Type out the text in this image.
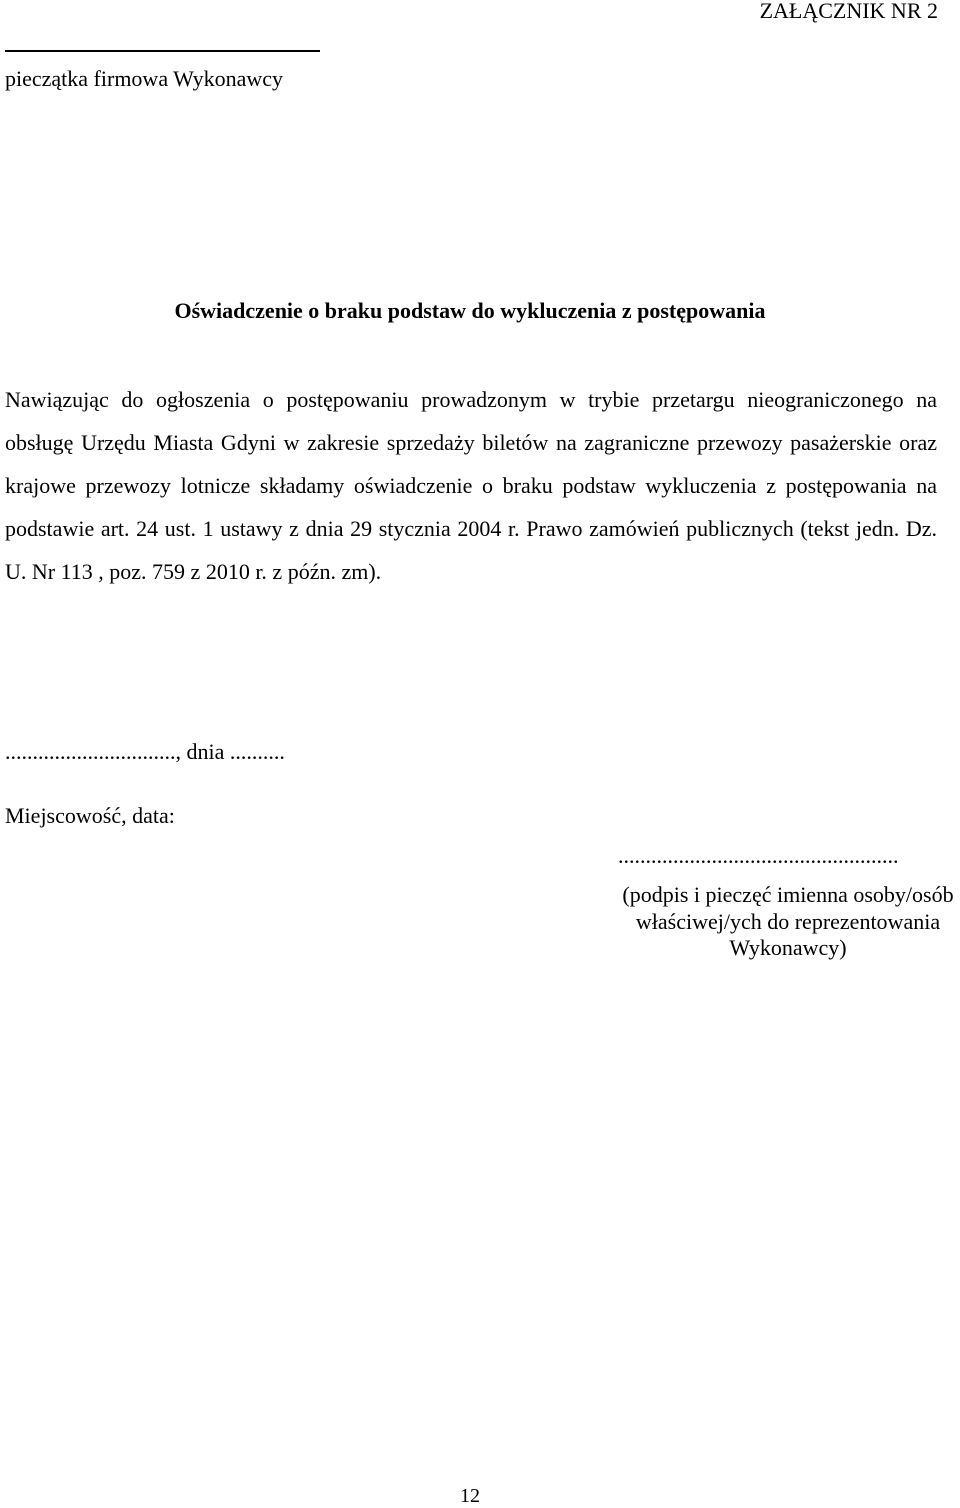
ZAŁĄCZNIK NR 2
pieczątka firmowa Wykonawcy
Oświadczenie o braku podstaw do wykluczenia z postępowania

Nawiązując do ogłoszenia o postępowaniu prowadzonym w trybie przetargu nieograniczonego na obsługę Urzędu Miasta Gdyni w zakresie sprzedaży biletów na zagraniczne przewozy pasażerskie oraz krajowe przewozy lotnicze składamy oświadczenie o braku podstaw wykluczenia z postępowania na podstawie art. 24 ust. 1 ustawy z dnia 29 stycznia 2004 r. Prawo zamówień publicznych (tekst jedn. Dz. U. Nr 113 , poz. 759 z 2010 r. z późn. zm).

..............................., dnia ..........
Miejscowość, data:
...................................................
(podpis i pieczęć imienna osoby/osób
właściwej/ych do reprezentowania
Wykonawcy)
12
